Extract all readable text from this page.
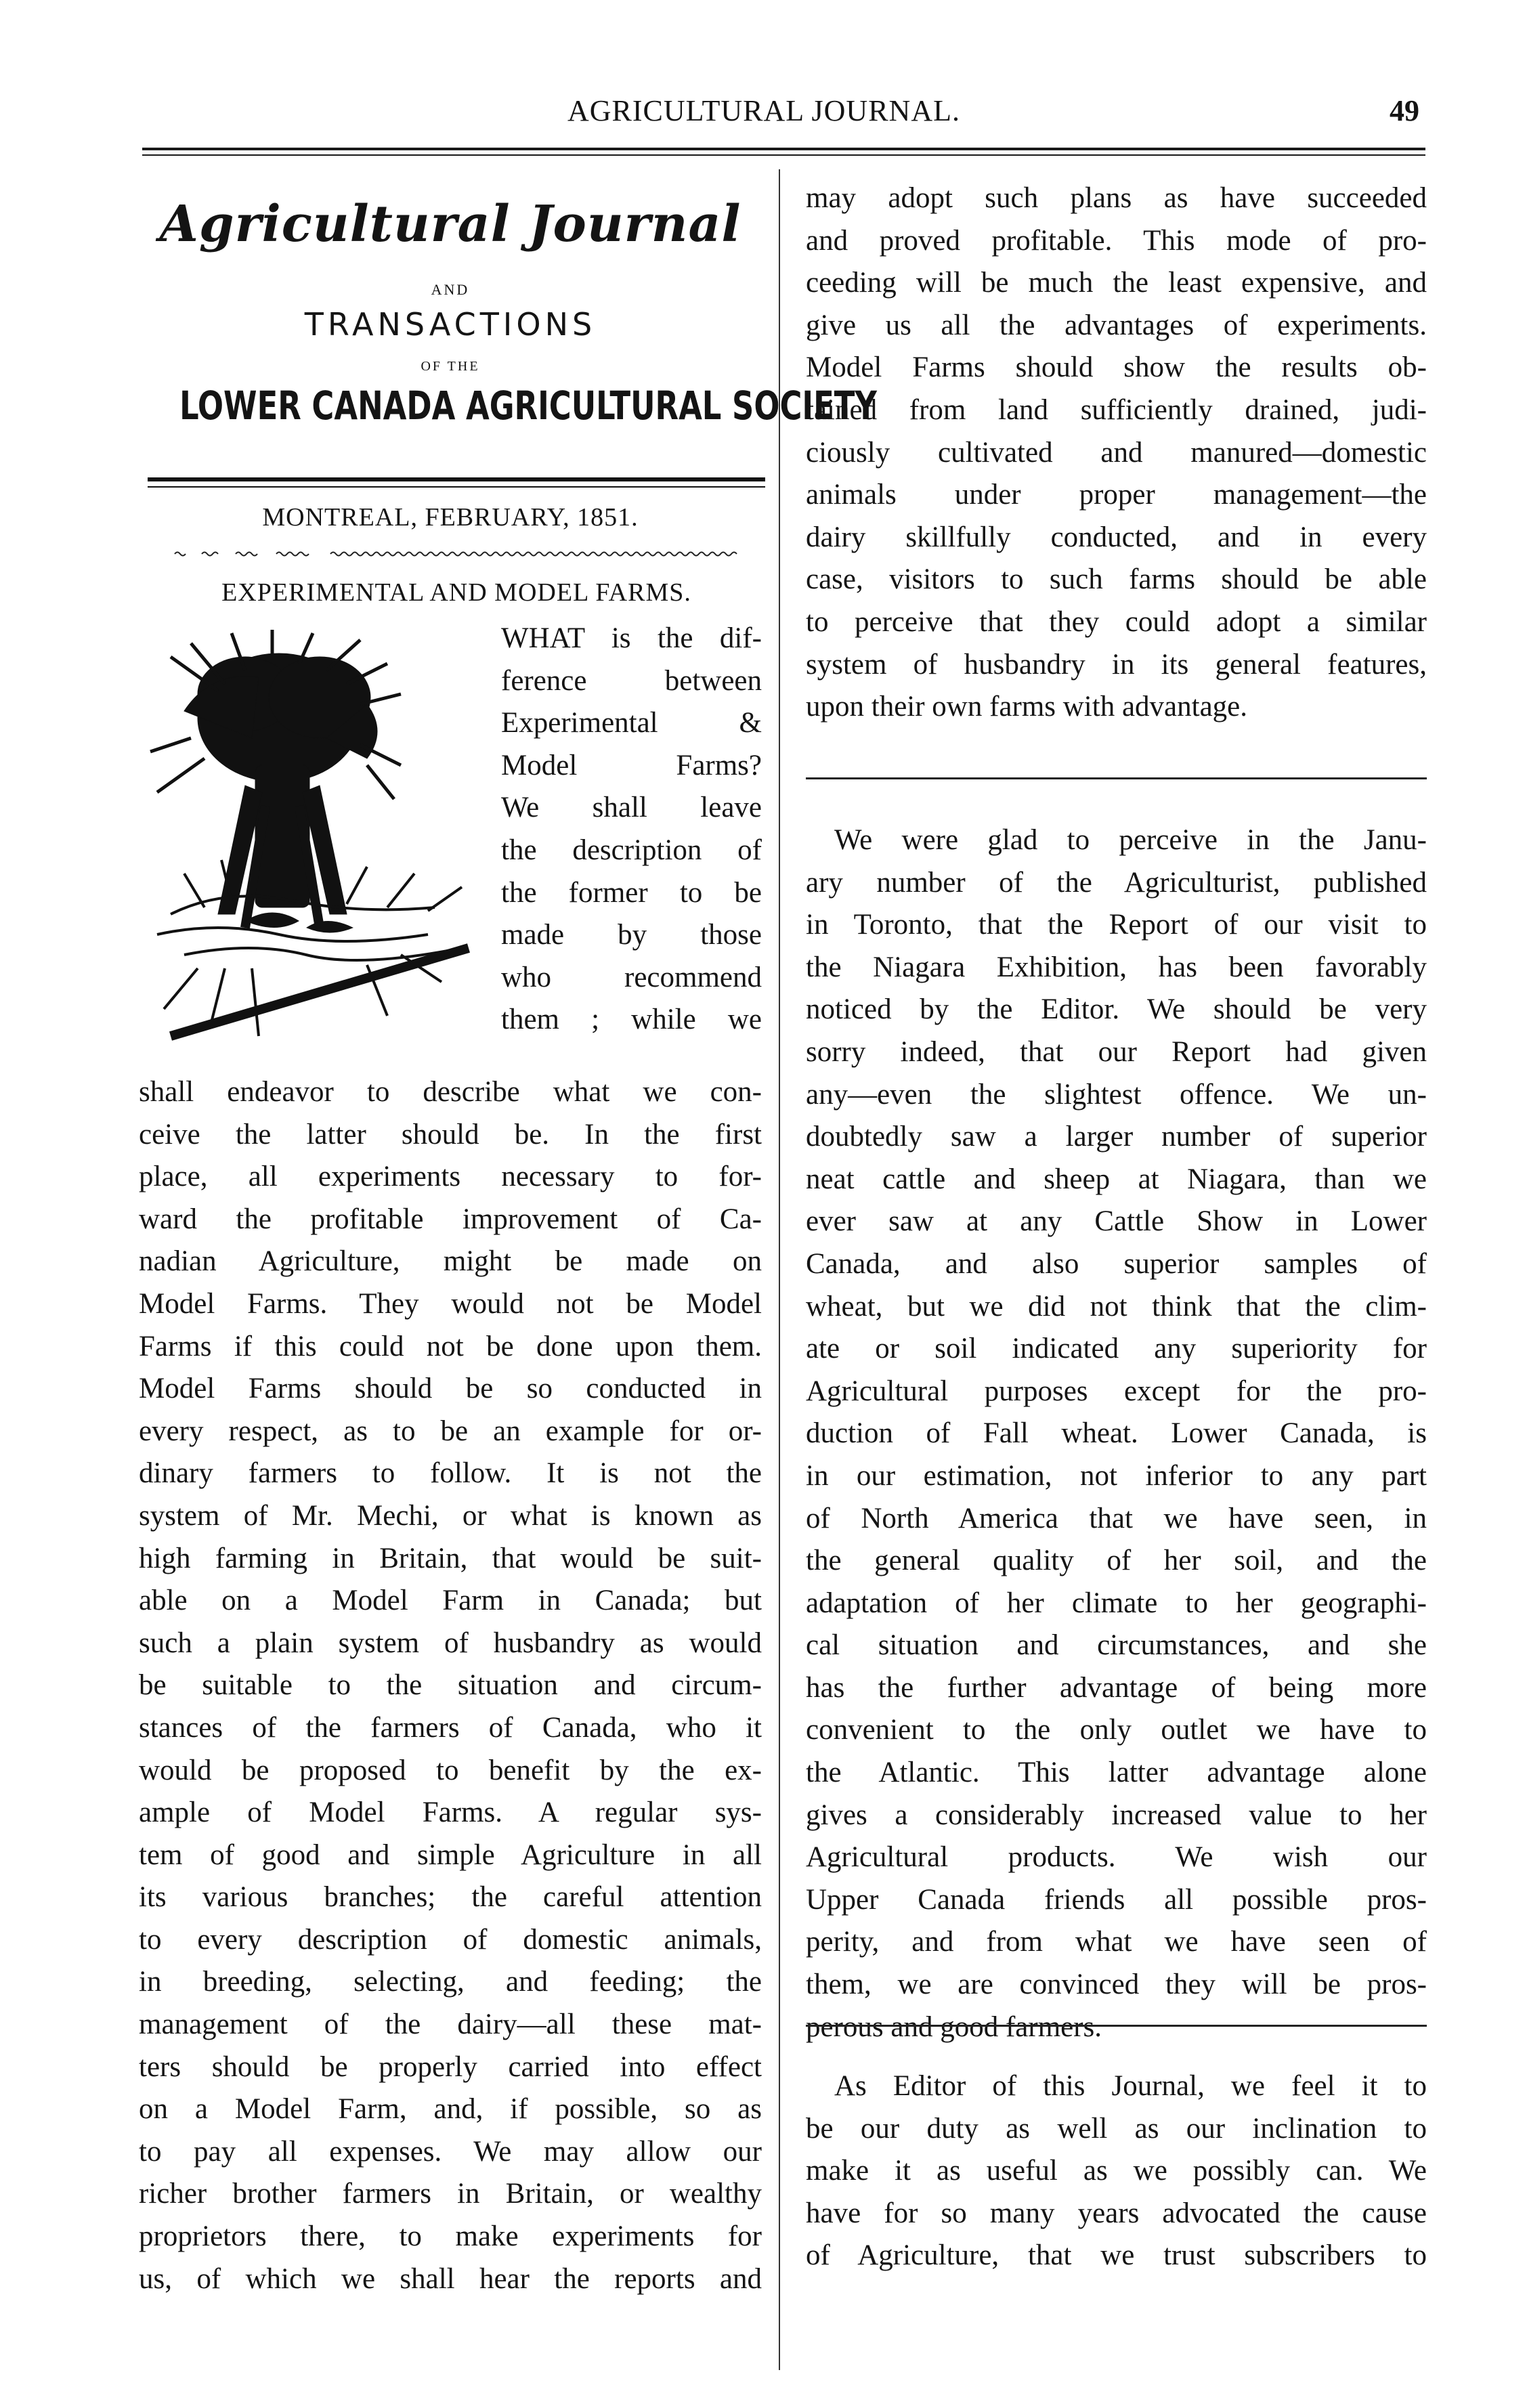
AGRICULTURAL JOURNAL.	49
Agricultural Journal
AND
TRANSACTIONS
OF THE
LOWER CANADA AGRICULTURAL SOCIETY
MONTREAL, FEBRUARY, 1851.
EXPERIMENTAL AND MODEL FARMS.
WHAT is the dif-
ference between
Experimental &
Model Farms?
We shall leave
the description of
the former to be
made by those
who recommend
them ; while we
shall endeavor to describe what we con-
ceive the latter should be. In the first
place, all experiments necessary to for-
ward the profitable improvement of Ca-
nadian Agriculture, might be made on
Model Farms. They would not be Model
Farms if this could not be done upon them.
Model Farms should be so conducted in
every respect, as to be an example for or-
dinary farmers to follow. It is not the
system of Mr. Mechi, or what is known as
high farming in Britain, that would be suit-
able on a Model Farm in Canada; but
such a plain system of husbandry as would
be suitable to the situation and circum-
stances of the farmers of Canada, who it
would be proposed to benefit by the ex-
ample of Model Farms. A regular sys-
tem of good and simple Agriculture in all
its various branches; the careful attention
to every description of domestic animals,
in breeding, selecting, and feeding; the
management of the dairy—all these mat-
ters should be properly carried into effect
on a Model Farm, and, if possible, so as
to pay all expenses. We may allow our
richer brother farmers in Britain, or wealthy
proprietors there, to make experiments for
us, of which we shall hear the reports and
may adopt such plans as have succeeded
and proved profitable. This mode of pro-
ceeding will be much the least expensive, and
give us all the advantages of experiments.
Model Farms should show the results ob-
tained from land sufficiently drained, judi-
ciously cultivated and manured—domestic
animals under proper management—the
dairy skillfully conducted, and in every
case, visitors to such farms should be able
to perceive that they could adopt a similar
system of husbandry in its general features,
upon their own farms with advantage.
We were glad to perceive in the Janu-
ary number of the Agriculturist, published
in Toronto, that the Report of our visit to
the Niagara Exhibition, has been favorably
noticed by the Editor. We should be very
sorry indeed, that our Report had given
any—even the slightest offence. We un-
doubtedly saw a larger number of superior
neat cattle and sheep at Niagara, than we
ever saw at any Cattle Show in Lower
Canada, and also superior samples of
wheat, but we did not think that the clim-
ate or soil indicated any superiority for
Agricultural purposes except for the pro-
duction of Fall wheat. Lower Canada, is
in our estimation, not inferior to any part
of North America that we have seen, in
the general quality of her soil, and the
adaptation of her climate to her geographi-
cal situation and circumstances, and she
has the further advantage of being more
convenient to the only outlet we have to
the Atlantic. This latter advantage alone
gives a considerably increased value to her
Agricultural products. We wish our
Upper Canada friends all possible pros-
perity, and from what we have seen of
them, we are convinced they will be pros-
perous and good farmers.
As Editor of this Journal, we feel it to
be our duty as well as our inclination to
make it as useful as we possibly can. We
have for so many years advocated the cause
of Agriculture, that we trust subscribers to
